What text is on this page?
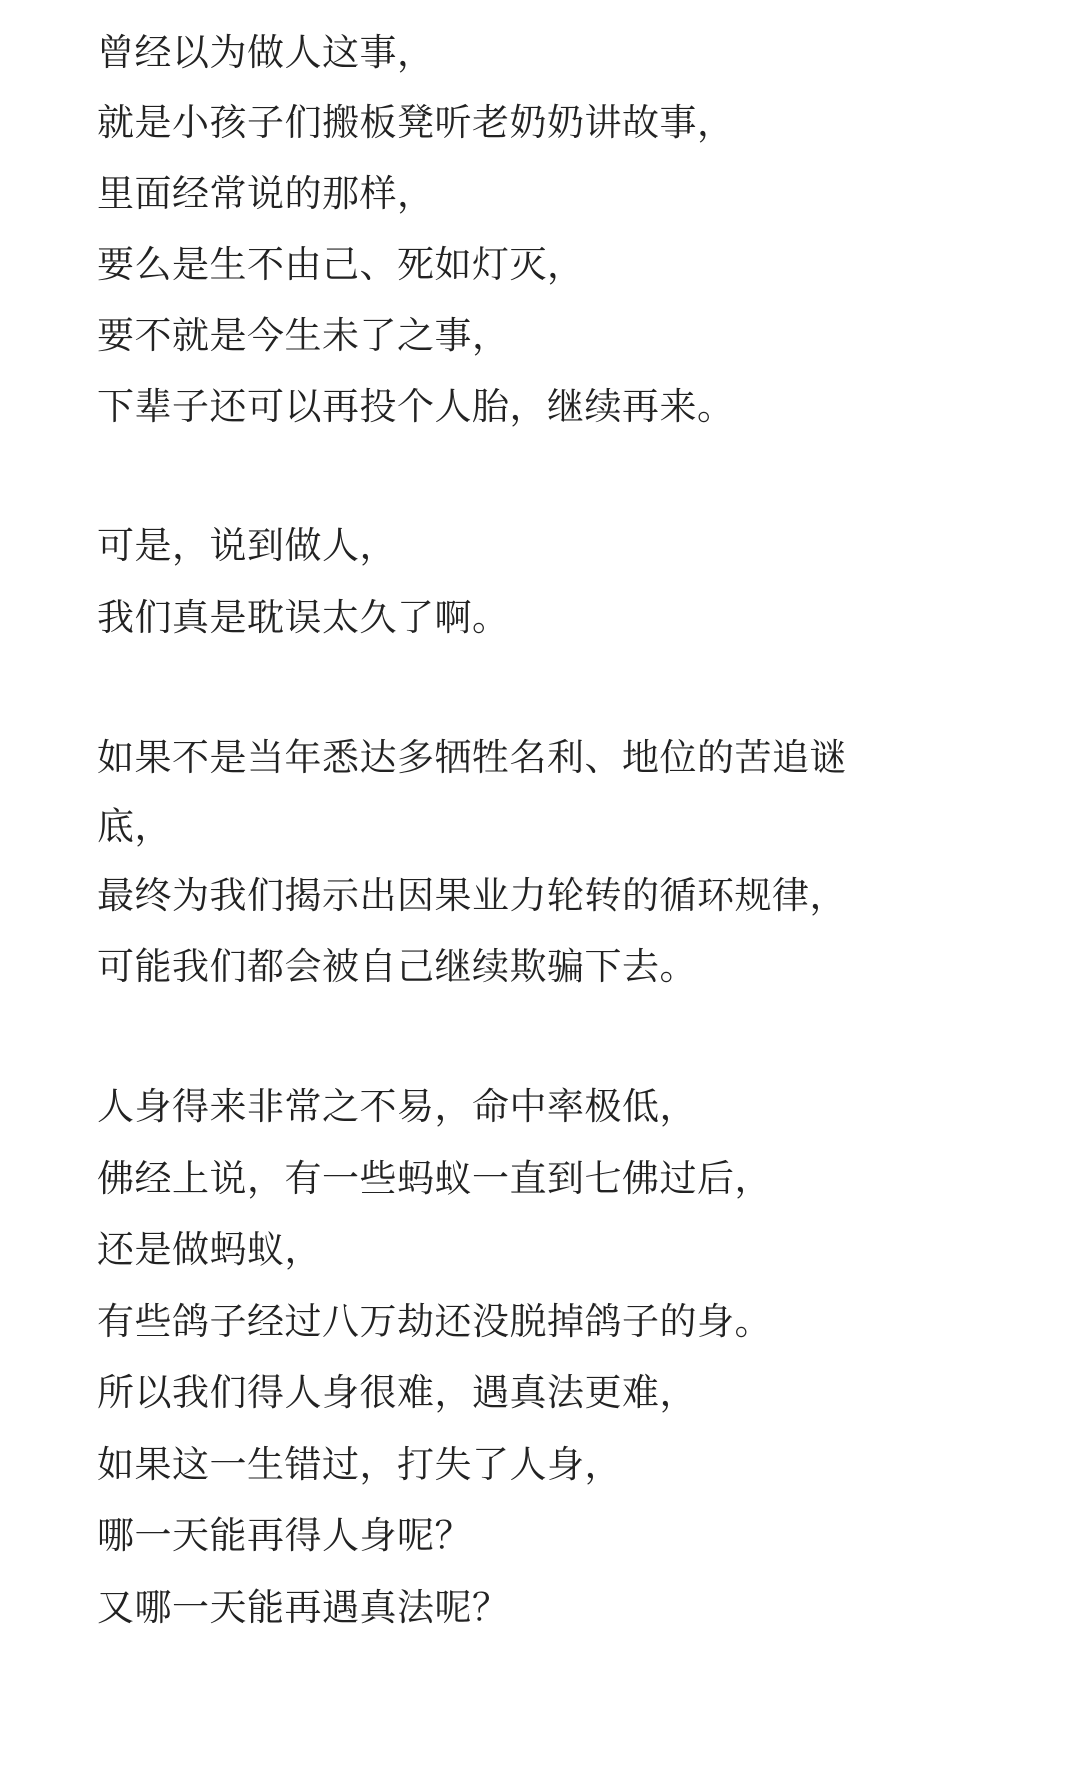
曾经以为做人这事，
就是小孩子们搬板凳听老奶奶讲故事，
里面经常说的那样，
要么是生不由己、死如灯灭，
要不就是今生未了之事，
下辈子还可以再投个人胎，继续再来。
可是，说到做人，
我们真是耽误太久了啊。
如果不是当年悉达多牺牲名利、地位的苦追谜
底，
最终为我们揭示出因果业力轮转的循环规律，
可能我们都会被自己继续欺骗下去。
人身得来非常之不易，命中率极低，
佛经上说，有一些蚂蚁一直到七佛过后，
还是做蚂蚁，
有些鸽子经过八万劫还没脱掉鸽子的身。
所以我们得人身很难，遇真法更难，
如果这一生错过，打失了人身，
哪一天能再得人身呢？
又哪一天能再遇真法呢？
